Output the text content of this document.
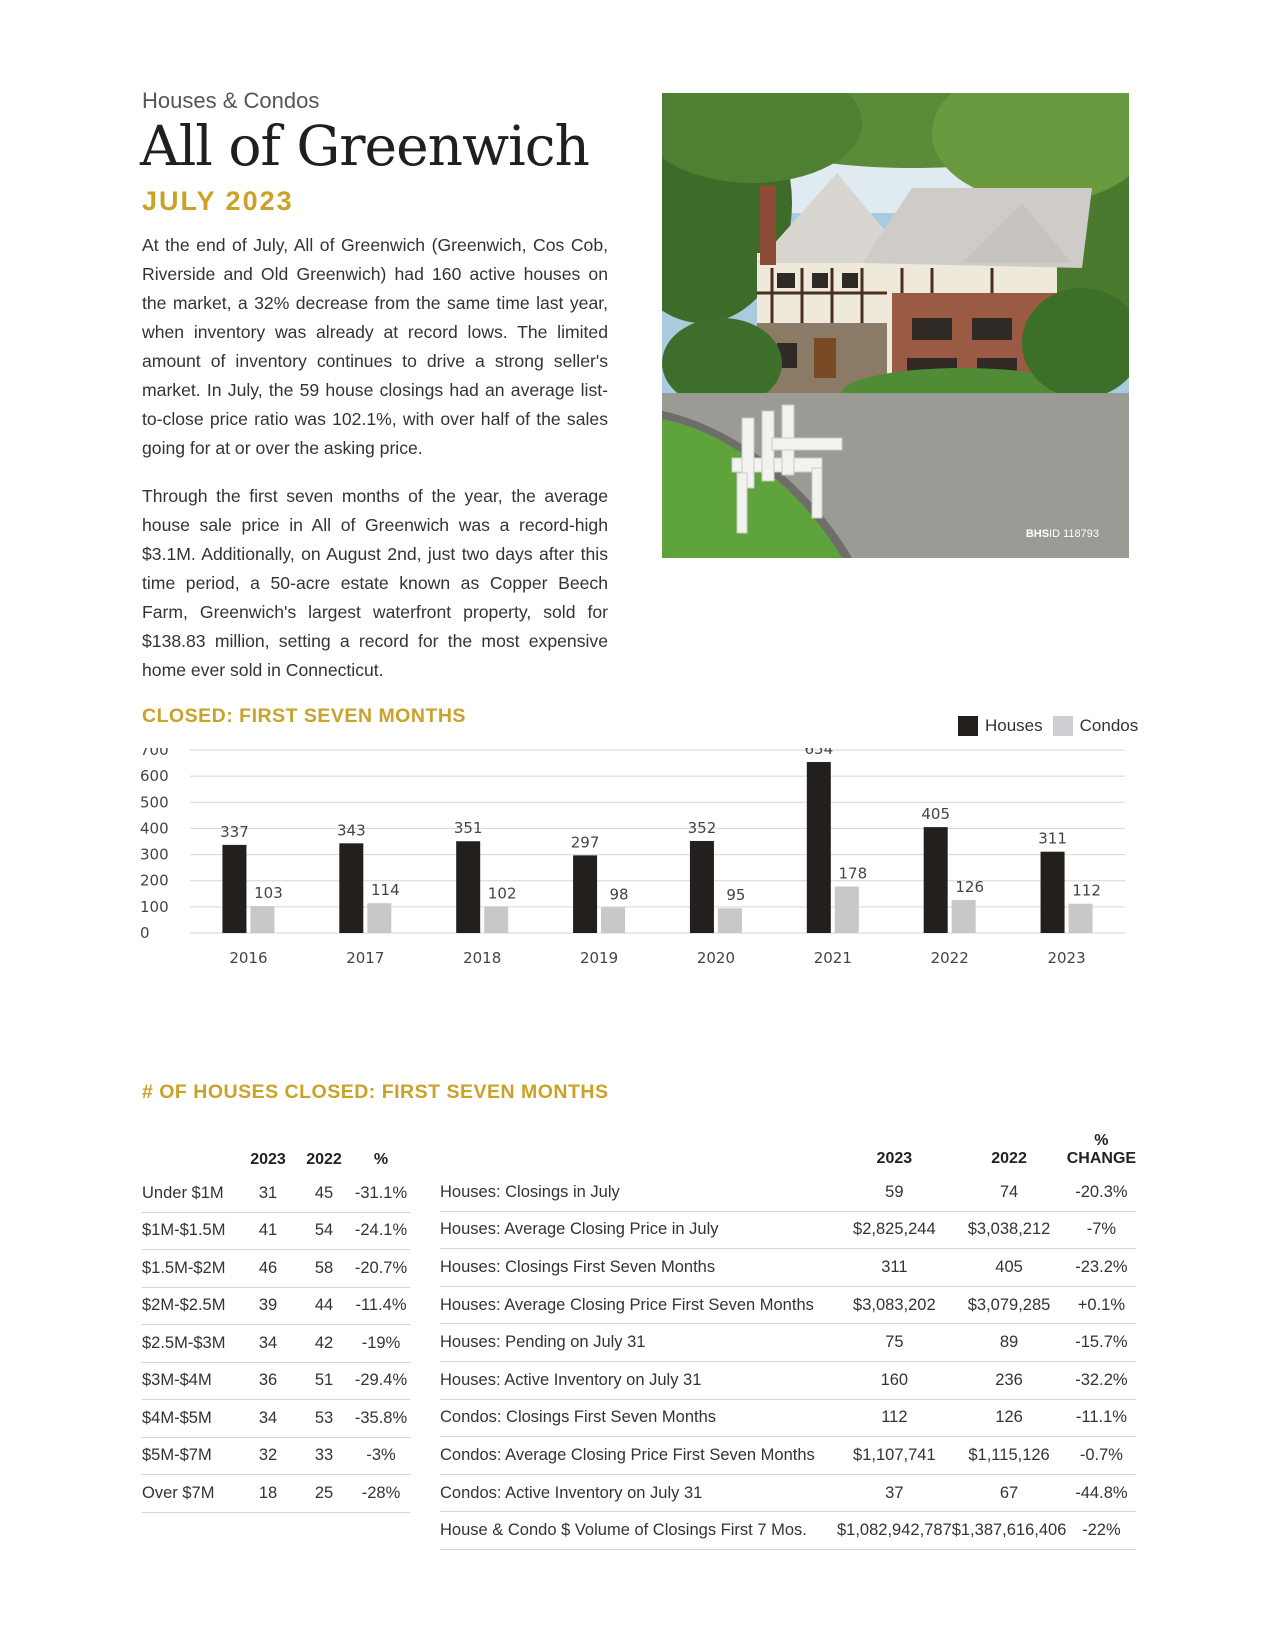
Houses & Condos
All of Greenwich
JULY 2023

At the end of July, All of Greenwich (Greenwich, Cos Cob, Riverside and Old Greenwich) had 160 active houses on the market, a 32% decrease from the same time last year, when inventory was already at record lows. The limited amount of inventory continues to drive a strong seller's market. In July, the 59 house closings had an average list-to-close price ratio was 102.1%, with over half of the sales going for at or over the asking price.

Through the first seven months of the year, the average house sale price in All of Greenwich was a record-high $3.1M. Additionally, on August 2nd, just two days after this time period, a 50-acre estate known as Copper Beech Farm, Greenwich's largest waterfront property, sold for $138.83 million, setting a record for the most expensive home ever sold in Connecticut.

BHSID 118793
CLOSED: FIRST SEVEN MONTHS	Houses Condos
0
100
200
300
400
500
600
700
337
103
2016
343
114
2017
351
102
2018
297
98
2019
352
95
2020
654
178
2021
405
126
2022
311
112
2023
# OF HOUSES CLOSED: FIRST SEVEN MONTHS
	2023	2022	%
Under $1M	31	45	-31.1%
$1M-$1.5M	41	54	-24.1%
$1.5M-$2M	46	58	-20.7%
$2M-$2.5M	39	44	-11.4%
$2.5M-$3M	34	42	-19%
$3M-$4M	36	51	-29.4%
$4M-$5M	34	53	-35.8%
$5M-$7M	32	33	-3%
Over $7M	18	25	-28%
	2023	2022	% CHANGE
Houses: Closings in July	59	74	-20.3%
Houses: Average Closing Price in July	$2,825,244	$3,038,212	-7%
Houses: Closings First Seven Months	311	405	-23.2%
Houses: Average Closing Price First Seven Months	$3,083,202	$3,079,285	+0.1%
Houses: Pending on July 31	75	89	-15.7%
Houses: Active Inventory on July 31	160	236	-32.2%
Condos: Closings First Seven Months	112	126	-11.1%
Condos: Average Closing Price First Seven Months	$1,107,741	$1,115,126	-0.7%
Condos: Active Inventory on July 31	37	67	-44.8%
House & Condo $ Volume of Closings First 7 Mos.	$1,082,942,787	$1,387,616,406	-22%
